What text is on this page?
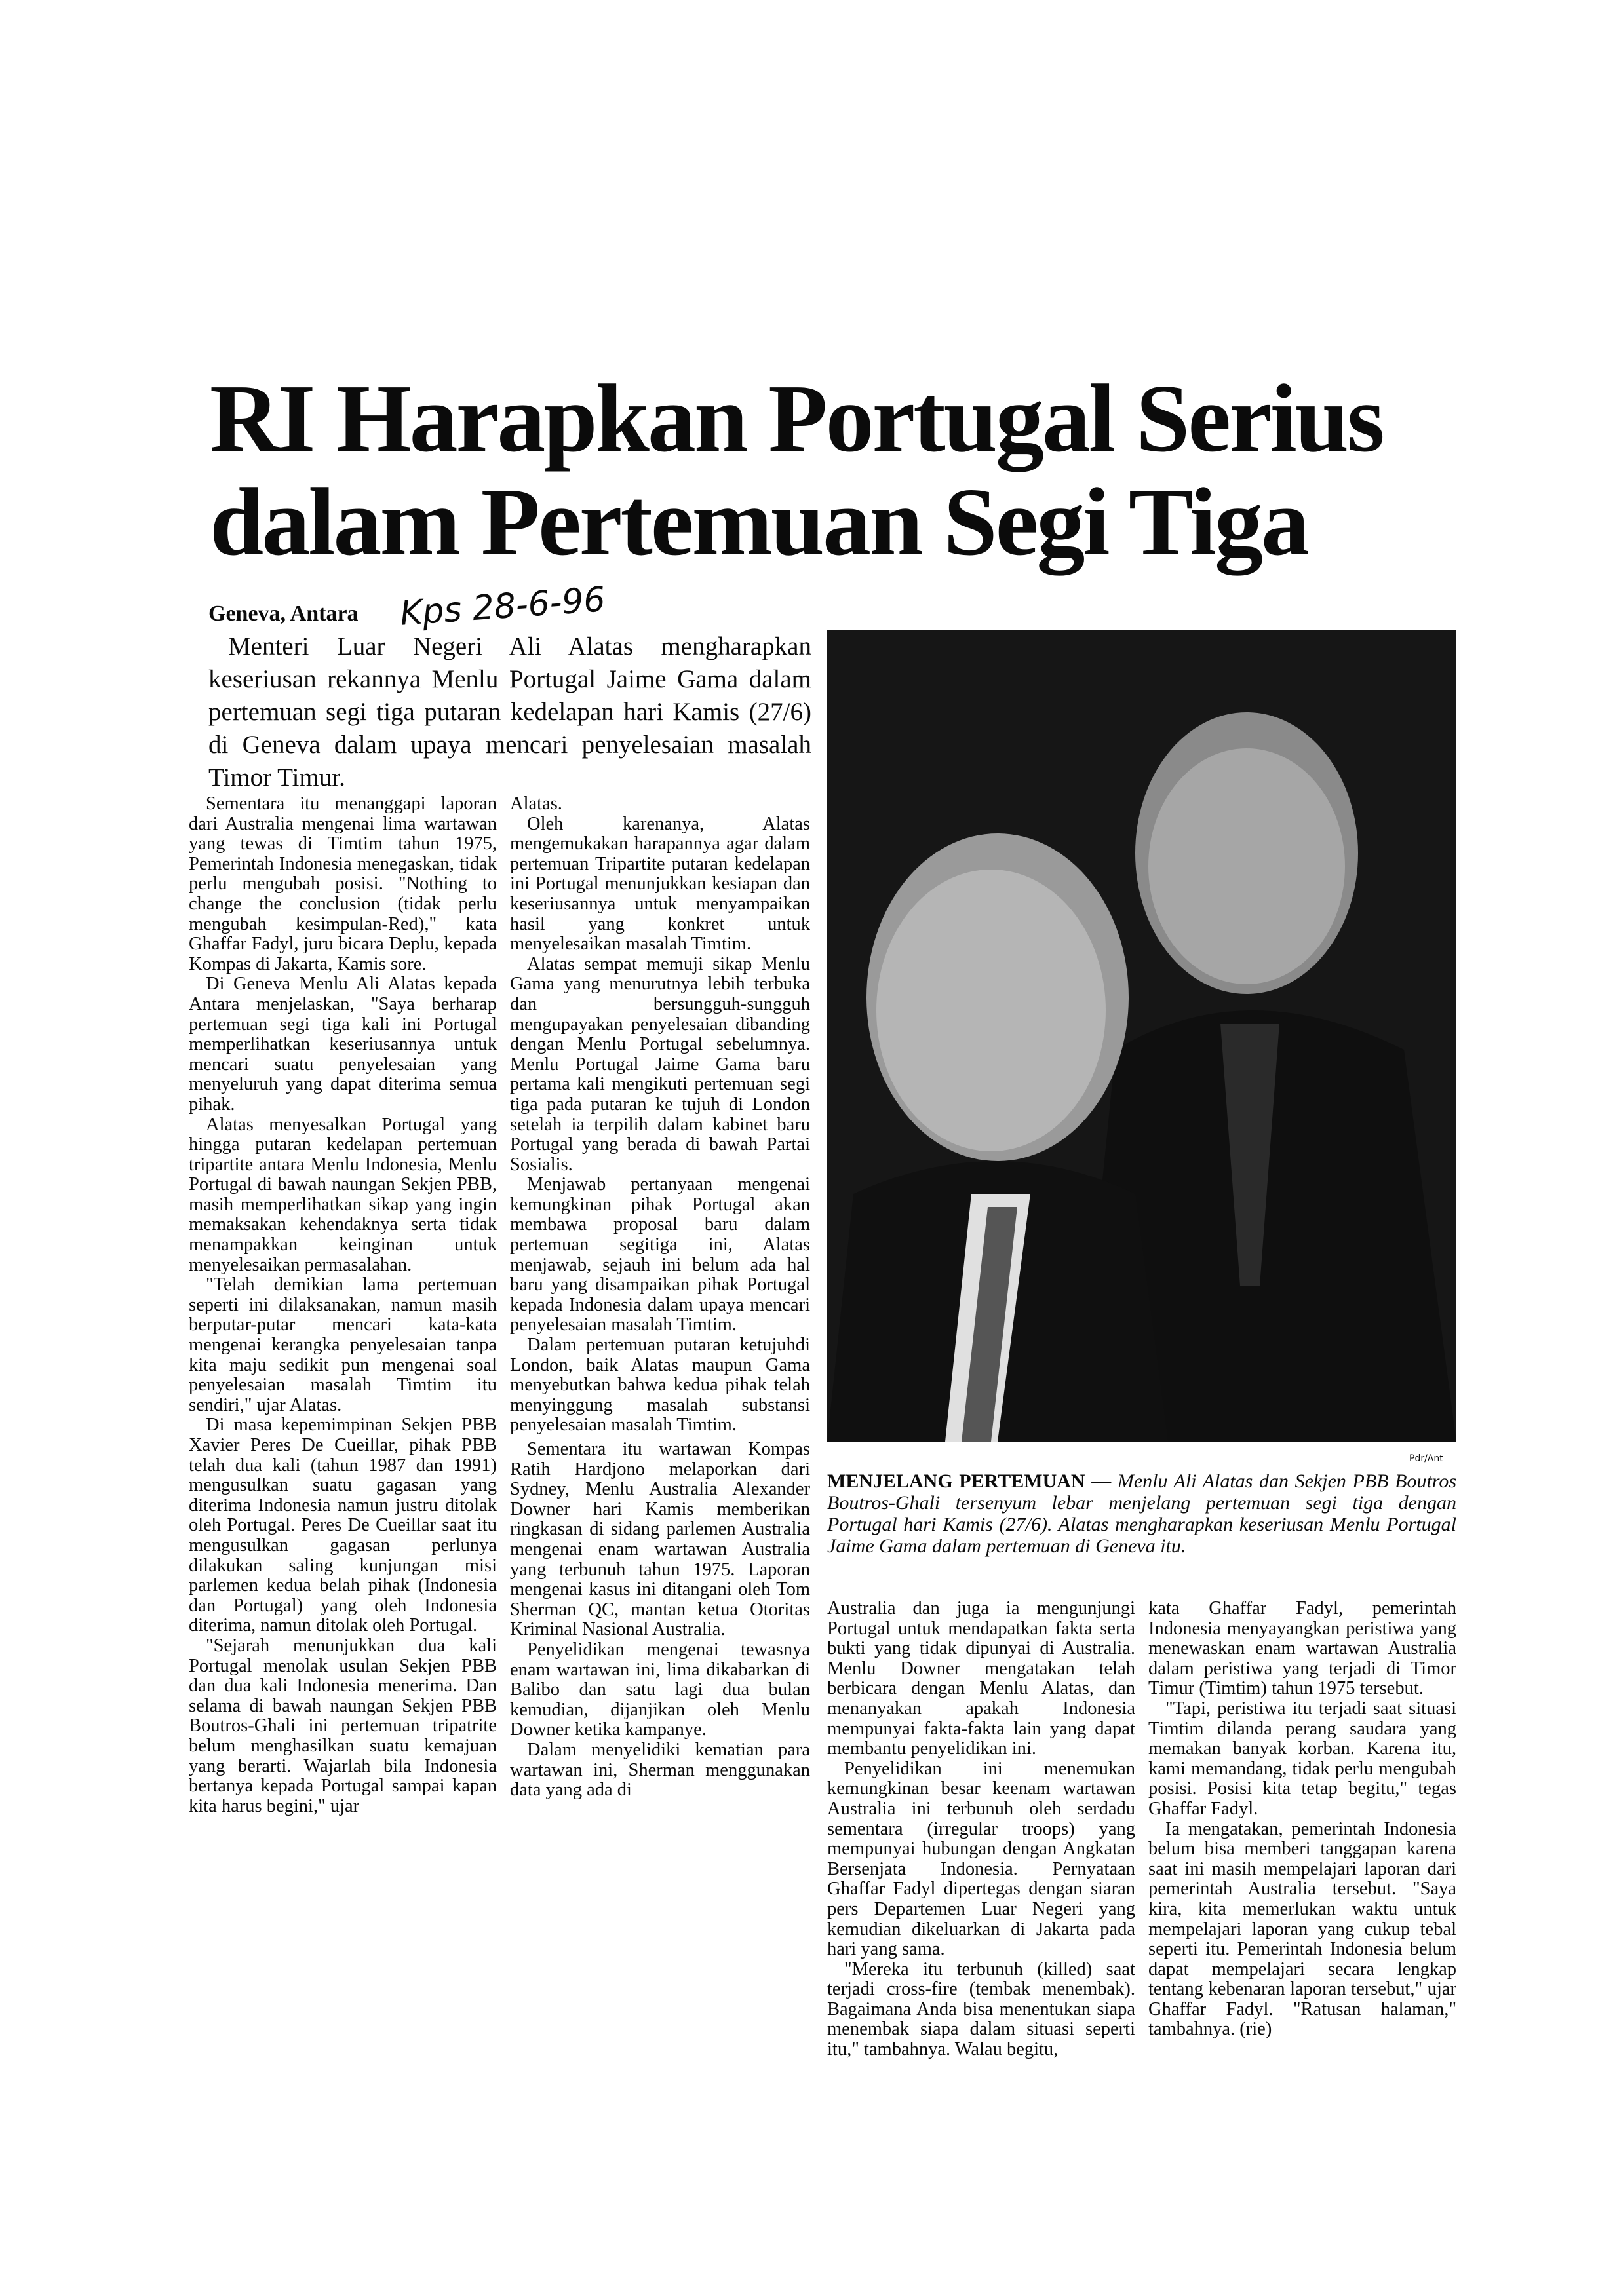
RI Harapkan Portugal Serius
dalam Pertemuan Segi Tiga
Geneva, Antara Kps 28-6-96

Menteri Luar Negeri Ali Alatas mengharapkan keseriusan rekannya Menlu Portugal Jaime Gama dalam pertemuan segi tiga putaran kedelapan hari Kamis (27/6) di Geneva dalam upaya mencari penyelesaian masalah Timor Timur.

Pdr/Ant
MENJELANG PERTEMUAN — Menlu Ali Alatas dan Sekjen PBB Boutros Boutros-Ghali tersenyum lebar menjelang pertemuan segi tiga dengan Portugal hari Kamis (27/6). Alatas mengharapkan keseriusan Menlu Portugal Jaime Gama dalam pertemuan di Geneva itu.

Sementara itu menanggapi laporan dari Australia mengenai lima wartawan yang tewas di Timtim tahun 1975, Pemerintah Indonesia menegaskan, tidak perlu mengubah posisi. "Nothing to change the conclusion (tidak perlu mengubah kesimpulan-Red)," kata Ghaffar Fadyl, juru bicara Deplu, kepada Kompas di Jakarta, Kamis sore.

Di Geneva Menlu Ali Alatas kepada Antara menjelaskan, "Saya berharap pertemuan segi tiga kali ini Portugal memperlihatkan keseriusannya untuk mencari suatu penyelesaian yang menyeluruh yang dapat diterima semua pihak.

Alatas menyesalkan Portugal yang hingga putaran kedelapan pertemuan tripartite antara Menlu Indonesia, Menlu Portugal di bawah naungan Sekjen PBB, masih memperlihatkan sikap yang ingin memaksakan kehendaknya serta tidak menampakkan keinginan untuk menyelesaikan permasalahan.

"Telah demikian lama pertemuan seperti ini dilaksanakan, namun masih berputar-putar mencari kata-kata mengenai kerangka penyelesaian tanpa kita maju sedikit pun mengenai soal penyelesaian masalah Timtim itu sendiri," ujar Alatas.

Di masa kepemimpinan Sekjen PBB Xavier Peres De Cueillar, pihak PBB telah dua kali (tahun 1987 dan 1991) mengusulkan suatu gagasan yang diterima Indonesia namun justru ditolak oleh Portugal. Peres De Cueillar saat itu mengusulkan gagasan perlunya dilakukan saling kunjungan misi parlemen kedua belah pihak (Indonesia dan Portugal) yang oleh Indonesia diterima, namun ditolak oleh Portugal.

"Sejarah menunjukkan dua kali Portugal menolak usulan Sekjen PBB dan dua kali Indonesia menerima. Dan selama di bawah naungan Sekjen PBB Boutros-Ghali ini pertemuan tripatrite belum menghasilkan suatu kemajuan yang berarti. Wajarlah bila Indonesia bertanya kepada Portugal sampai kapan kita harus begini," ujar

Alatas.

Oleh karenanya, Alatas mengemukakan harapannya agar dalam pertemuan Tripartite putaran kedelapan ini Portugal menunjukkan kesiapan dan keseriusannya untuk menyampaikan hasil yang konkret untuk menyelesaikan masalah Timtim.

Alatas sempat memuji sikap Menlu Gama yang menurutnya lebih terbuka dan bersungguh-sungguh mengupayakan penyelesaian dibanding dengan Menlu Portugal sebelumnya. Menlu Portugal Jaime Gama baru pertama kali mengikuti pertemuan segi tiga pada putaran ke tujuh di London setelah ia terpilih dalam kabinet baru Portugal yang berada di bawah Partai Sosialis.

Menjawab pertanyaan mengenai kemungkinan pihak Portugal akan membawa proposal baru dalam pertemuan segitiga ini, Alatas menjawab, sejauh ini belum ada hal baru yang disampaikan pihak Portugal kepada Indonesia dalam upaya mencari penyelesaian masalah Timtim.

Dalam pertemuan putaran ketujuhdi London, baik Alatas maupun Gama menyebutkan bahwa kedua pihak telah menyinggung masalah substansi penyelesaian masalah Timtim.

Sementara itu wartawan Kompas Ratih Hardjono melaporkan dari Sydney, Menlu Australia Alexander Downer hari Kamis memberikan ringkasan di sidang parlemen Australia mengenai enam wartawan Australia yang terbunuh tahun 1975. Laporan mengenai kasus ini ditangani oleh Tom Sherman QC, mantan ketua Otoritas Kriminal Nasional Australia.

Penyelidikan mengenai tewasnya enam wartawan ini, lima dikabarkan di Balibo dan satu lagi dua bulan kemudian, dijanjikan oleh Menlu Downer ketika kampanye.

Dalam menyelidiki kematian para wartawan ini, Sherman menggunakan data yang ada di

Australia dan juga ia mengunjungi Portugal untuk mendapatkan fakta serta bukti yang tidak dipunyai di Australia. Menlu Downer mengatakan telah berbicara dengan Menlu Alatas, dan menanyakan apakah Indonesia mempunyai fakta-fakta lain yang dapat membantu penyelidikan ini.

Penyelidikan ini menemukan kemungkinan besar keenam wartawan Australia ini terbunuh oleh serdadu sementara (irregular troops) yang mempunyai hubungan dengan Angkatan Bersenjata Indonesia. Pernyataan Ghaffar Fadyl dipertegas dengan siaran pers Departemen Luar Negeri yang kemudian dikeluarkan di Jakarta pada hari yang sama.

"Mereka itu terbunuh (killed) saat terjadi cross-fire (tembak menembak). Bagaimana Anda bisa menentukan siapa menembak siapa dalam situasi seperti itu," tambahnya. Walau begitu,

kata Ghaffar Fadyl, pemerintah Indonesia menyayangkan peristiwa yang menewaskan enam wartawan Australia dalam peristiwa yang terjadi di Timor Timur (Timtim) tahun 1975 tersebut.

"Tapi, peristiwa itu terjadi saat situasi Timtim dilanda perang saudara yang memakan banyak korban. Karena itu, kami memandang, tidak perlu mengubah posisi. Posisi kita tetap begitu," tegas Ghaffar Fadyl.

Ia mengatakan, pemerintah Indonesia belum bisa memberi tanggapan karena saat ini masih mempelajari laporan dari pemerintah Australia tersebut. "Saya kira, kita memerlukan waktu untuk mempelajari laporan yang cukup tebal seperti itu. Pemerintah Indonesia belum dapat mempelajari secara lengkap tentang kebenaran laporan tersebut," ujar Ghaffar Fadyl. "Ratusan halaman," tambahnya. (rie)
